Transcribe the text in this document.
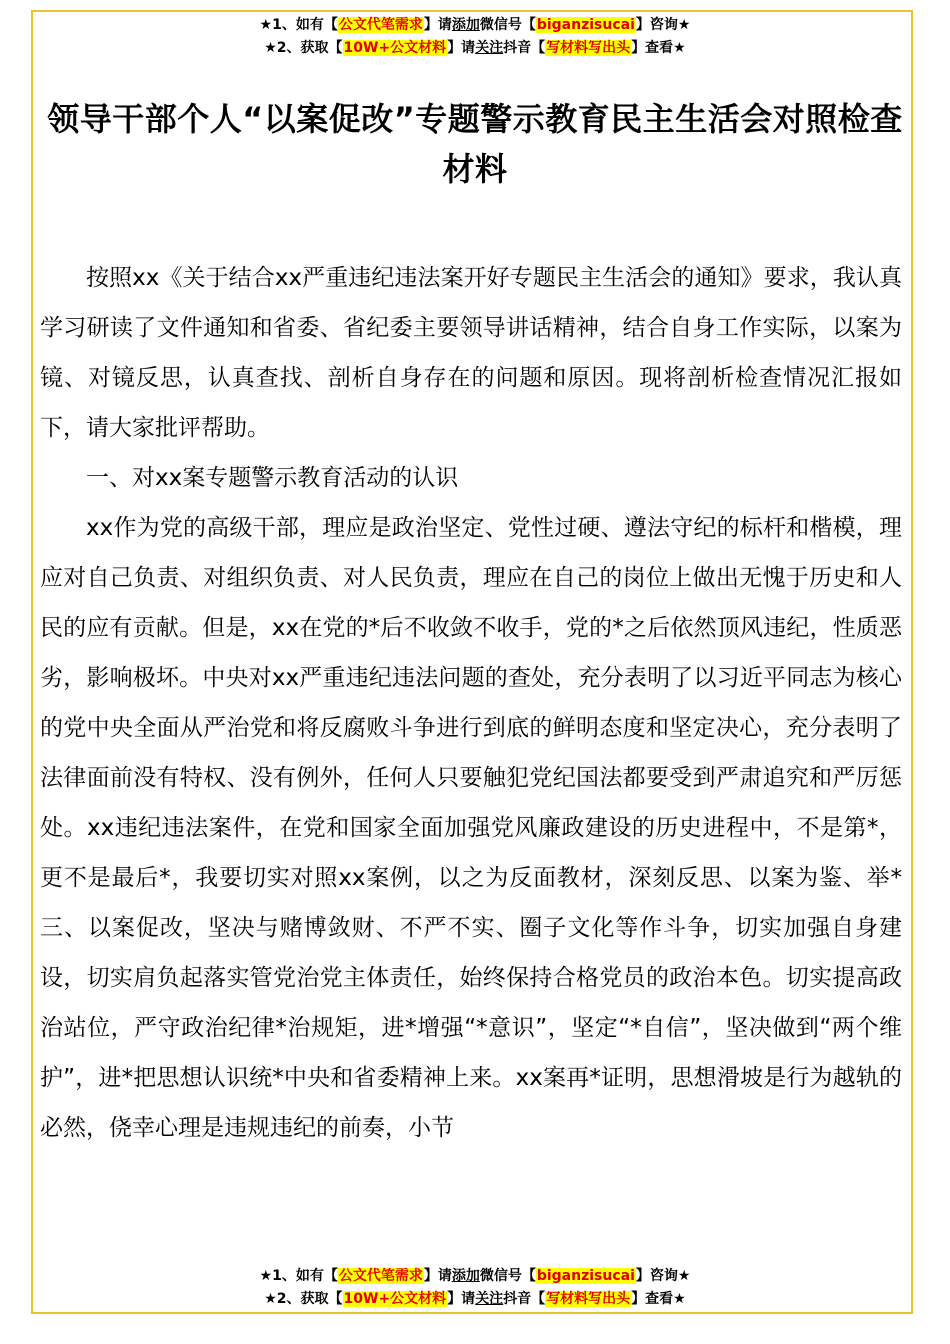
★1、如有【公文代笔需求】请添加微信号【biganzisucai】咨询★
★2、获取【10W+公文材料】请关注抖音【写材料写出头】查看★
领导干部个人“以案促改”专题警示教育民主生活会对照检查材料

按照xx《关于结合xx严重违纪违法案开好专题民主生活会的通知》要求，我认真学习研读了文件通知和省委、省纪委主要领导讲话精神，结合自身工作实际，以案为镜、对镜反思，认真查找、剖析自身存在的问题和原因。现将剖析检查情况汇报如下，请大家批评帮助。

一、对xx案专题警示教育活动的认识

xx作为党的高级干部，理应是政治坚定、党性过硬、遵法守纪的标杆和楷模，理应对自己负责、对组织负责、对人民负责，理应在自己的岗位上做出无愧于历史和人民的应有贡献。但是，xx在党的*后不收敛不收手，党的*之后依然顶风违纪，性质恶劣，影响极坏。中央对xx严重违纪违法问题的查处，充分表明了以习近平同志为核心的党中央全面从严治党和将反腐败斗争进行到底的鲜明态度和坚定决心，充分表明了法律面前没有特权、没有例外，任何人只要触犯党纪国法都要受到严肃追究和严厉惩处。xx违纪违法案件，在党和国家全面加强党风廉政建设的历史进程中，不是第*，更不是最后*，我要切实对照xx案例，以之为反面教材，深刻反思、以案为鉴、举*三、以案促改，坚决与赌博敛财、不严不实、圈子文化等作斗争，切实加强自身建设，切实肩负起落实管党治党主体责任，始终保持合格党员的政治本色。切实提高政治站位，严守政治纪律*治规矩，进*增强“*意识”，坚定“*自信”，坚决做到“两个维护”，进*把思想认识统*中央和省委精神上来。xx案再*证明，思想滑坡是行为越轨的必然，侥幸心理是违规违纪的前奏，小节

★1、如有【公文代笔需求】请添加微信号【biganzisucai】咨询★
★2、获取【10W+公文材料】请关注抖音【写材料写出头】查看★
